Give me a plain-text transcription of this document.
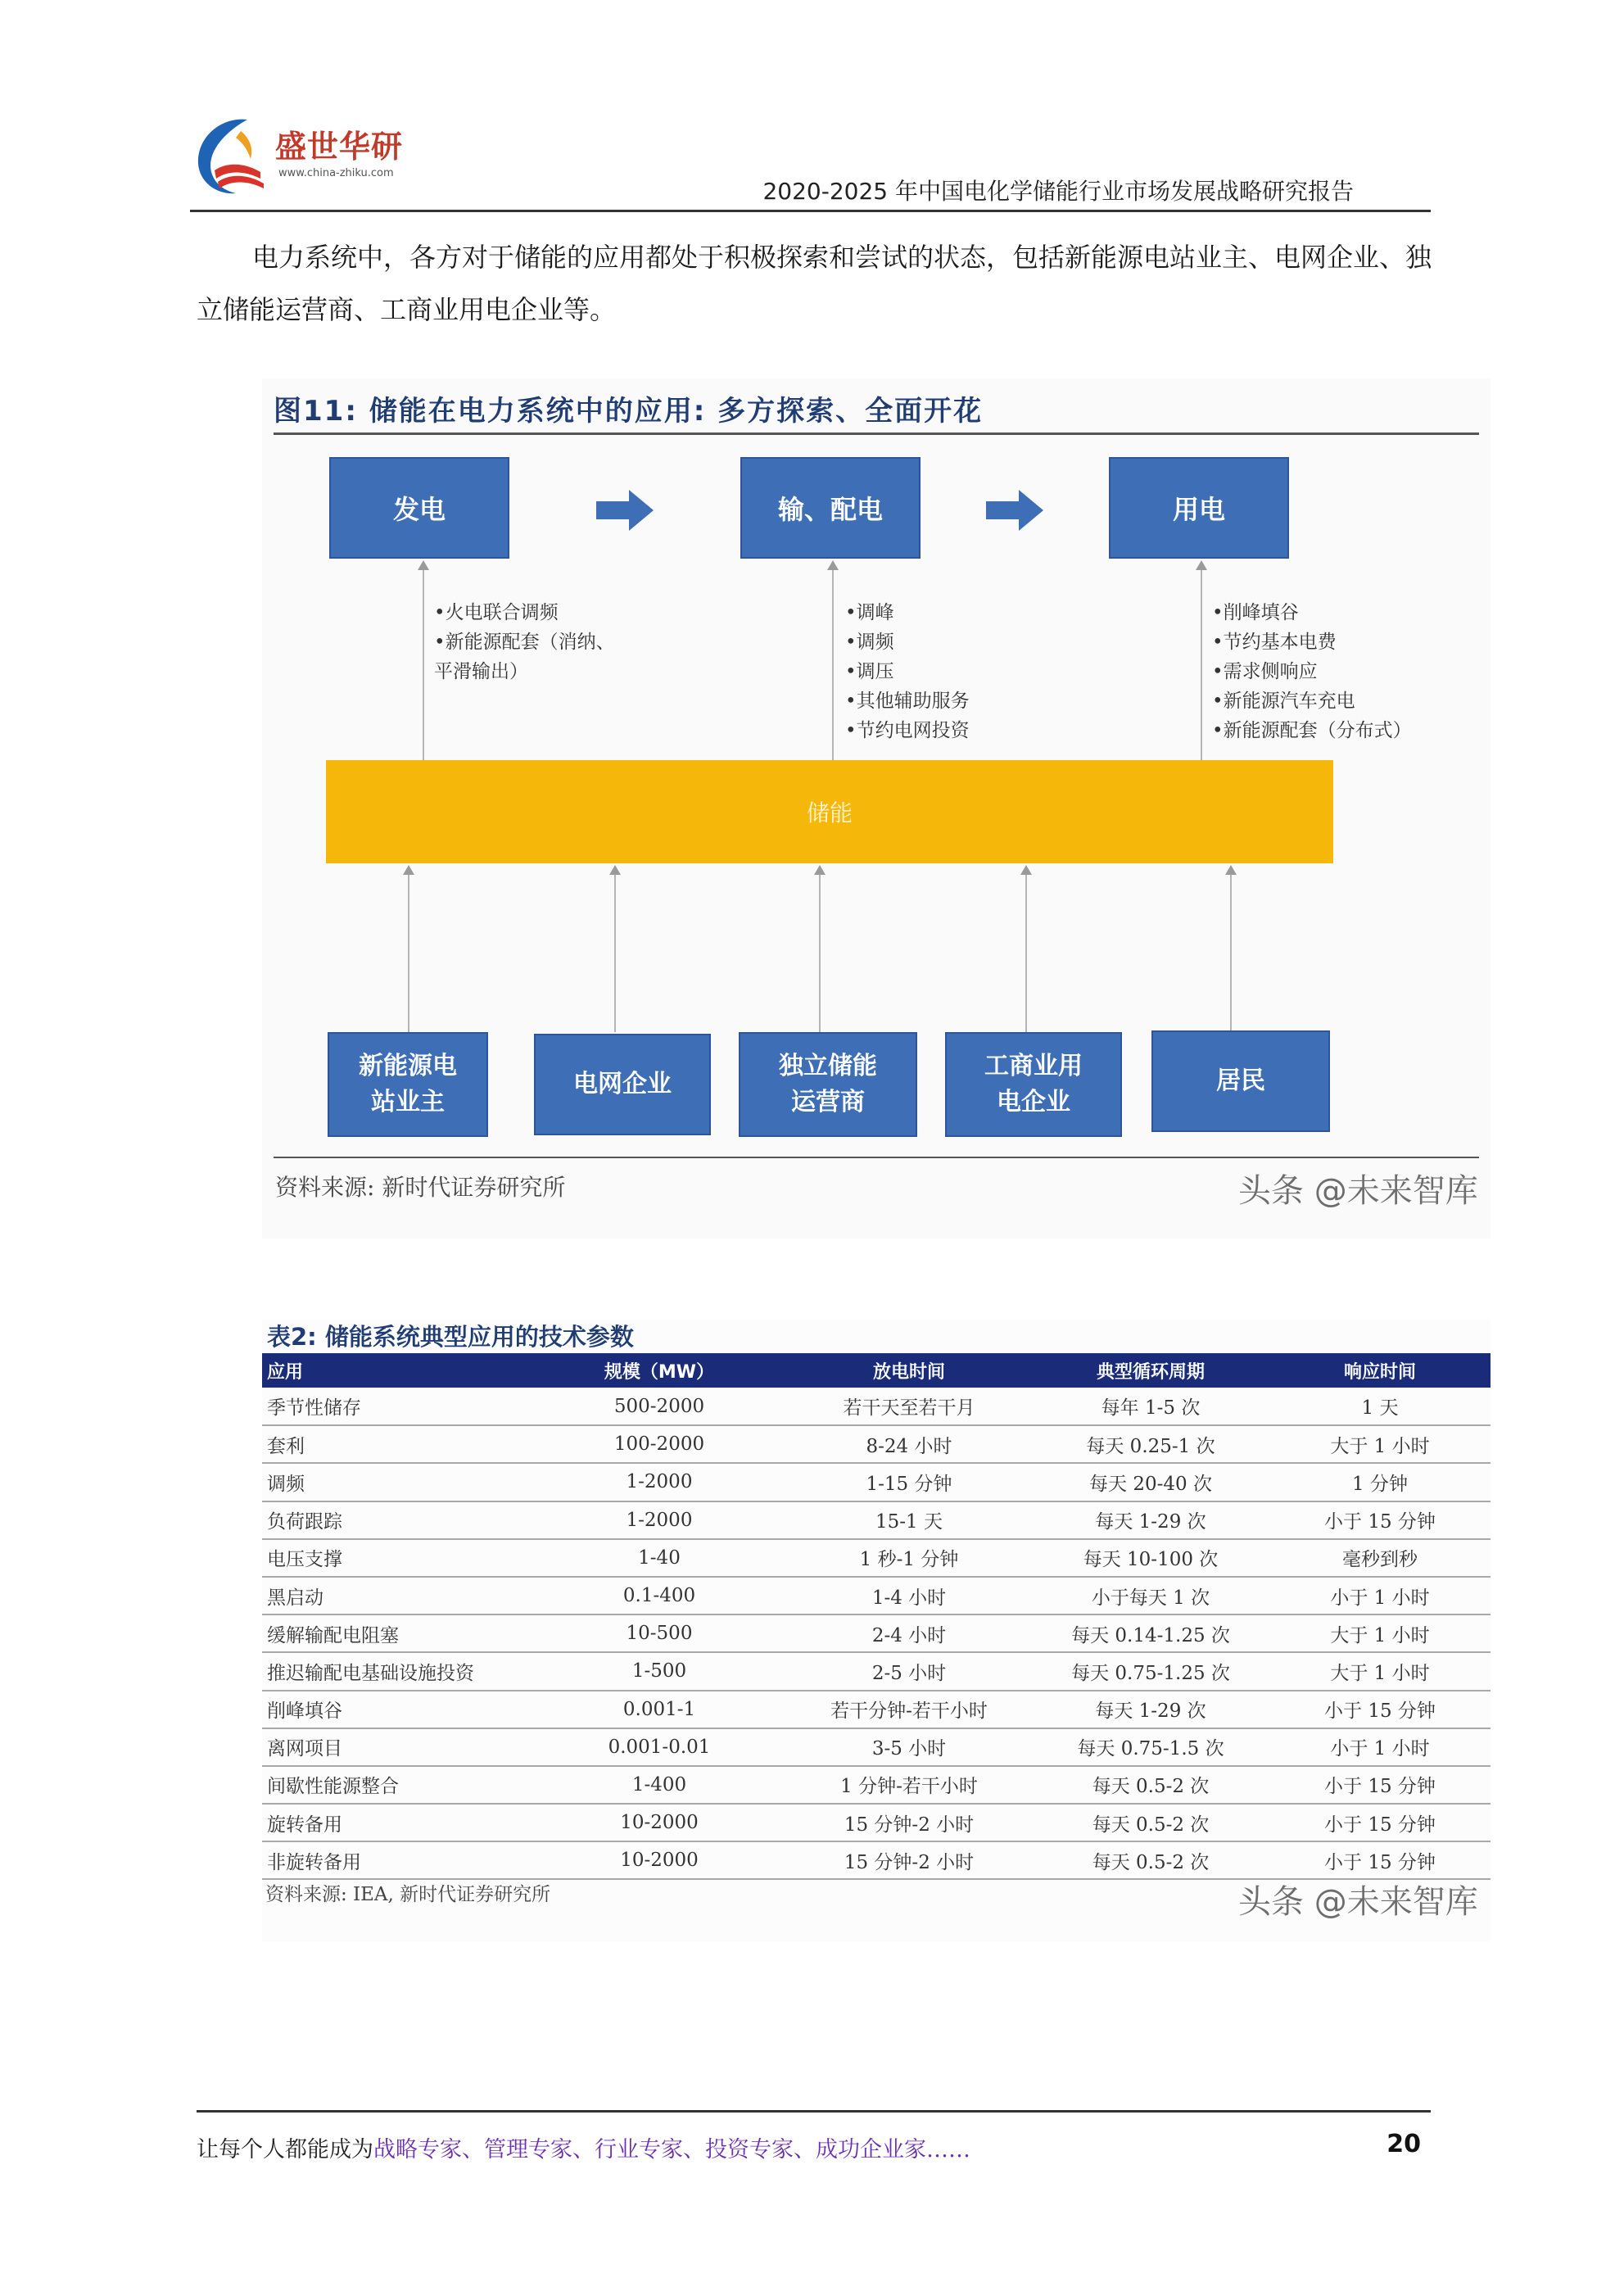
盛世华研
www.china-zhiku.com
2020-2025 年中国电化学储能行业市场发展战略研究报告

电力系统中，各方对于储能的应用都处于积极探索和尝试的状态，包括新能源电站业主、电网企业、独立储能运营商、工商业用电企业等。

图11: 储能在电力系统中的应用: 多方探索、全面开花
发电	输、配电	用电
•火电联合调频
•新能源配套（消纳、
平滑输出）
•调峰
•调频
•调压
•其他辅助服务
•节约电网投资
•削峰填谷
•节约基本电费
•需求侧响应
•新能源汽车充电
•新能源配套（分布式）
储能
新能源电
站业主
电网企业
独立储能
运营商
工商业用
电企业
居民
资料来源: 新时代证券研究所	头条 @未来智库
表2: 储能系统典型应用的技术参数
应用	规模（MW）	放电时间	典型循环周期	响应时间
季节性储存	500-2000	若干天至若干月	每年 1-5 次	1 天
套利	100-2000	8-24 小时	每天 0.25-1 次	大于 1 小时
调频	1-2000	1-15 分钟	每天 20-40 次	1 分钟
负荷跟踪	1-2000	15-1 天	每天 1-29 次	小于 15 分钟
电压支撑	1-40	1 秒-1 分钟	每天 10-100 次	毫秒到秒
黑启动	0.1-400	1-4 小时	小于每天 1 次	小于 1 小时
缓解输配电阻塞	10-500	2-4 小时	每天 0.14-1.25 次	大于 1 小时
推迟输配电基础设施投资	1-500	2-5 小时	每天 0.75-1.25 次	大于 1 小时
削峰填谷	0.001-1	若干分钟-若干小时	每天 1-29 次	小于 15 分钟
离网项目	0.001-0.01	3-5 小时	每天 0.75-1.5 次	小于 1 小时
间歇性能源整合	1-400	1 分钟-若干小时	每天 0.5-2 次	小于 15 分钟
旋转备用	10-2000	15 分钟-2 小时	每天 0.5-2 次	小于 15 分钟
非旋转备用	10-2000	15 分钟-2 小时	每天 0.5-2 次	小于 15 分钟
资料来源: IEA, 新时代证券研究所	头条 @未来智库
让每个人都能成为战略专家、管理专家、行业专家、投资专家、成功企业家……	20
